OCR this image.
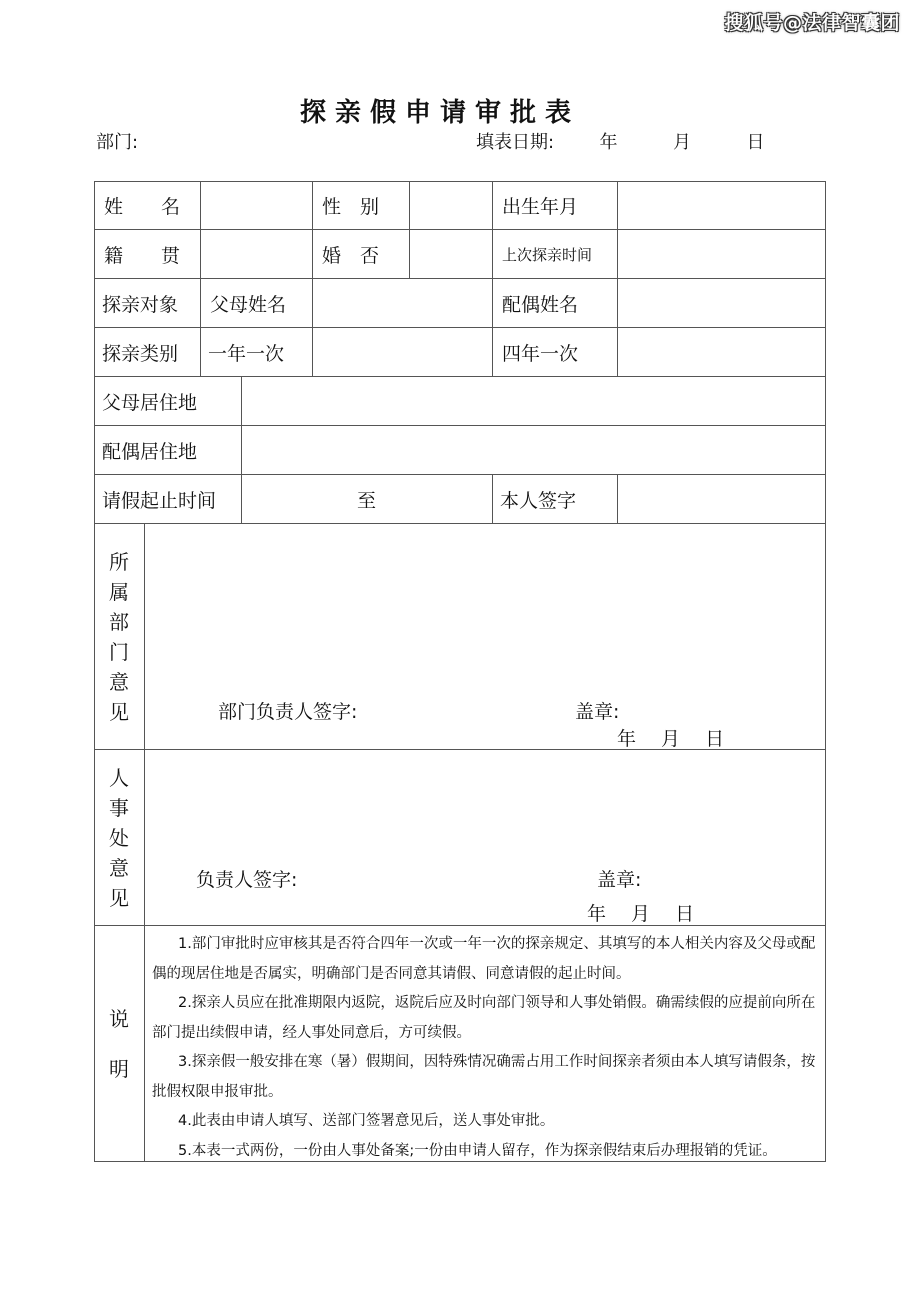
搜狐号@法律智囊团
探亲假申请审批表
部门:	填表日期:	年	月	日
姓　　名	性　别	出生年月
籍　　贯	婚　否	上次探亲时间
探亲对象	父母姓名	配偶姓名
探亲类别	一年一次	四年一次
父母居住地
配偶居住地
请假起止时间	至	本人签字
所
属
部
门
意
见	部门负责人签字:	盖章:
年　 月　 日
人
事
处
意
见
负责人签字:	盖章:
年　 月　 日
说
明

1.部门审批时应审核其是否符合四年一次或一年一次的探亲规定、其填写的本人相关内容及父母或配偶的现居住地是否属实，明确部门是否同意其请假、同意请假的起止时间。

2.探亲人员应在批准期限内返院，返院后应及时向部门领导和人事处销假。确需续假的应提前向所在部门提出续假申请，经人事处同意后，方可续假。

3.探亲假一般安排在寒（暑）假期间，因特殊情况确需占用工作时间探亲者须由本人填写请假条，按批假权限申报审批。

4.此表由申请人填写、送部门签署意见后，送人事处审批。

5.本表一式两份，一份由人事处备案;一份由申请人留存，作为探亲假结束后办理报销的凭证。
